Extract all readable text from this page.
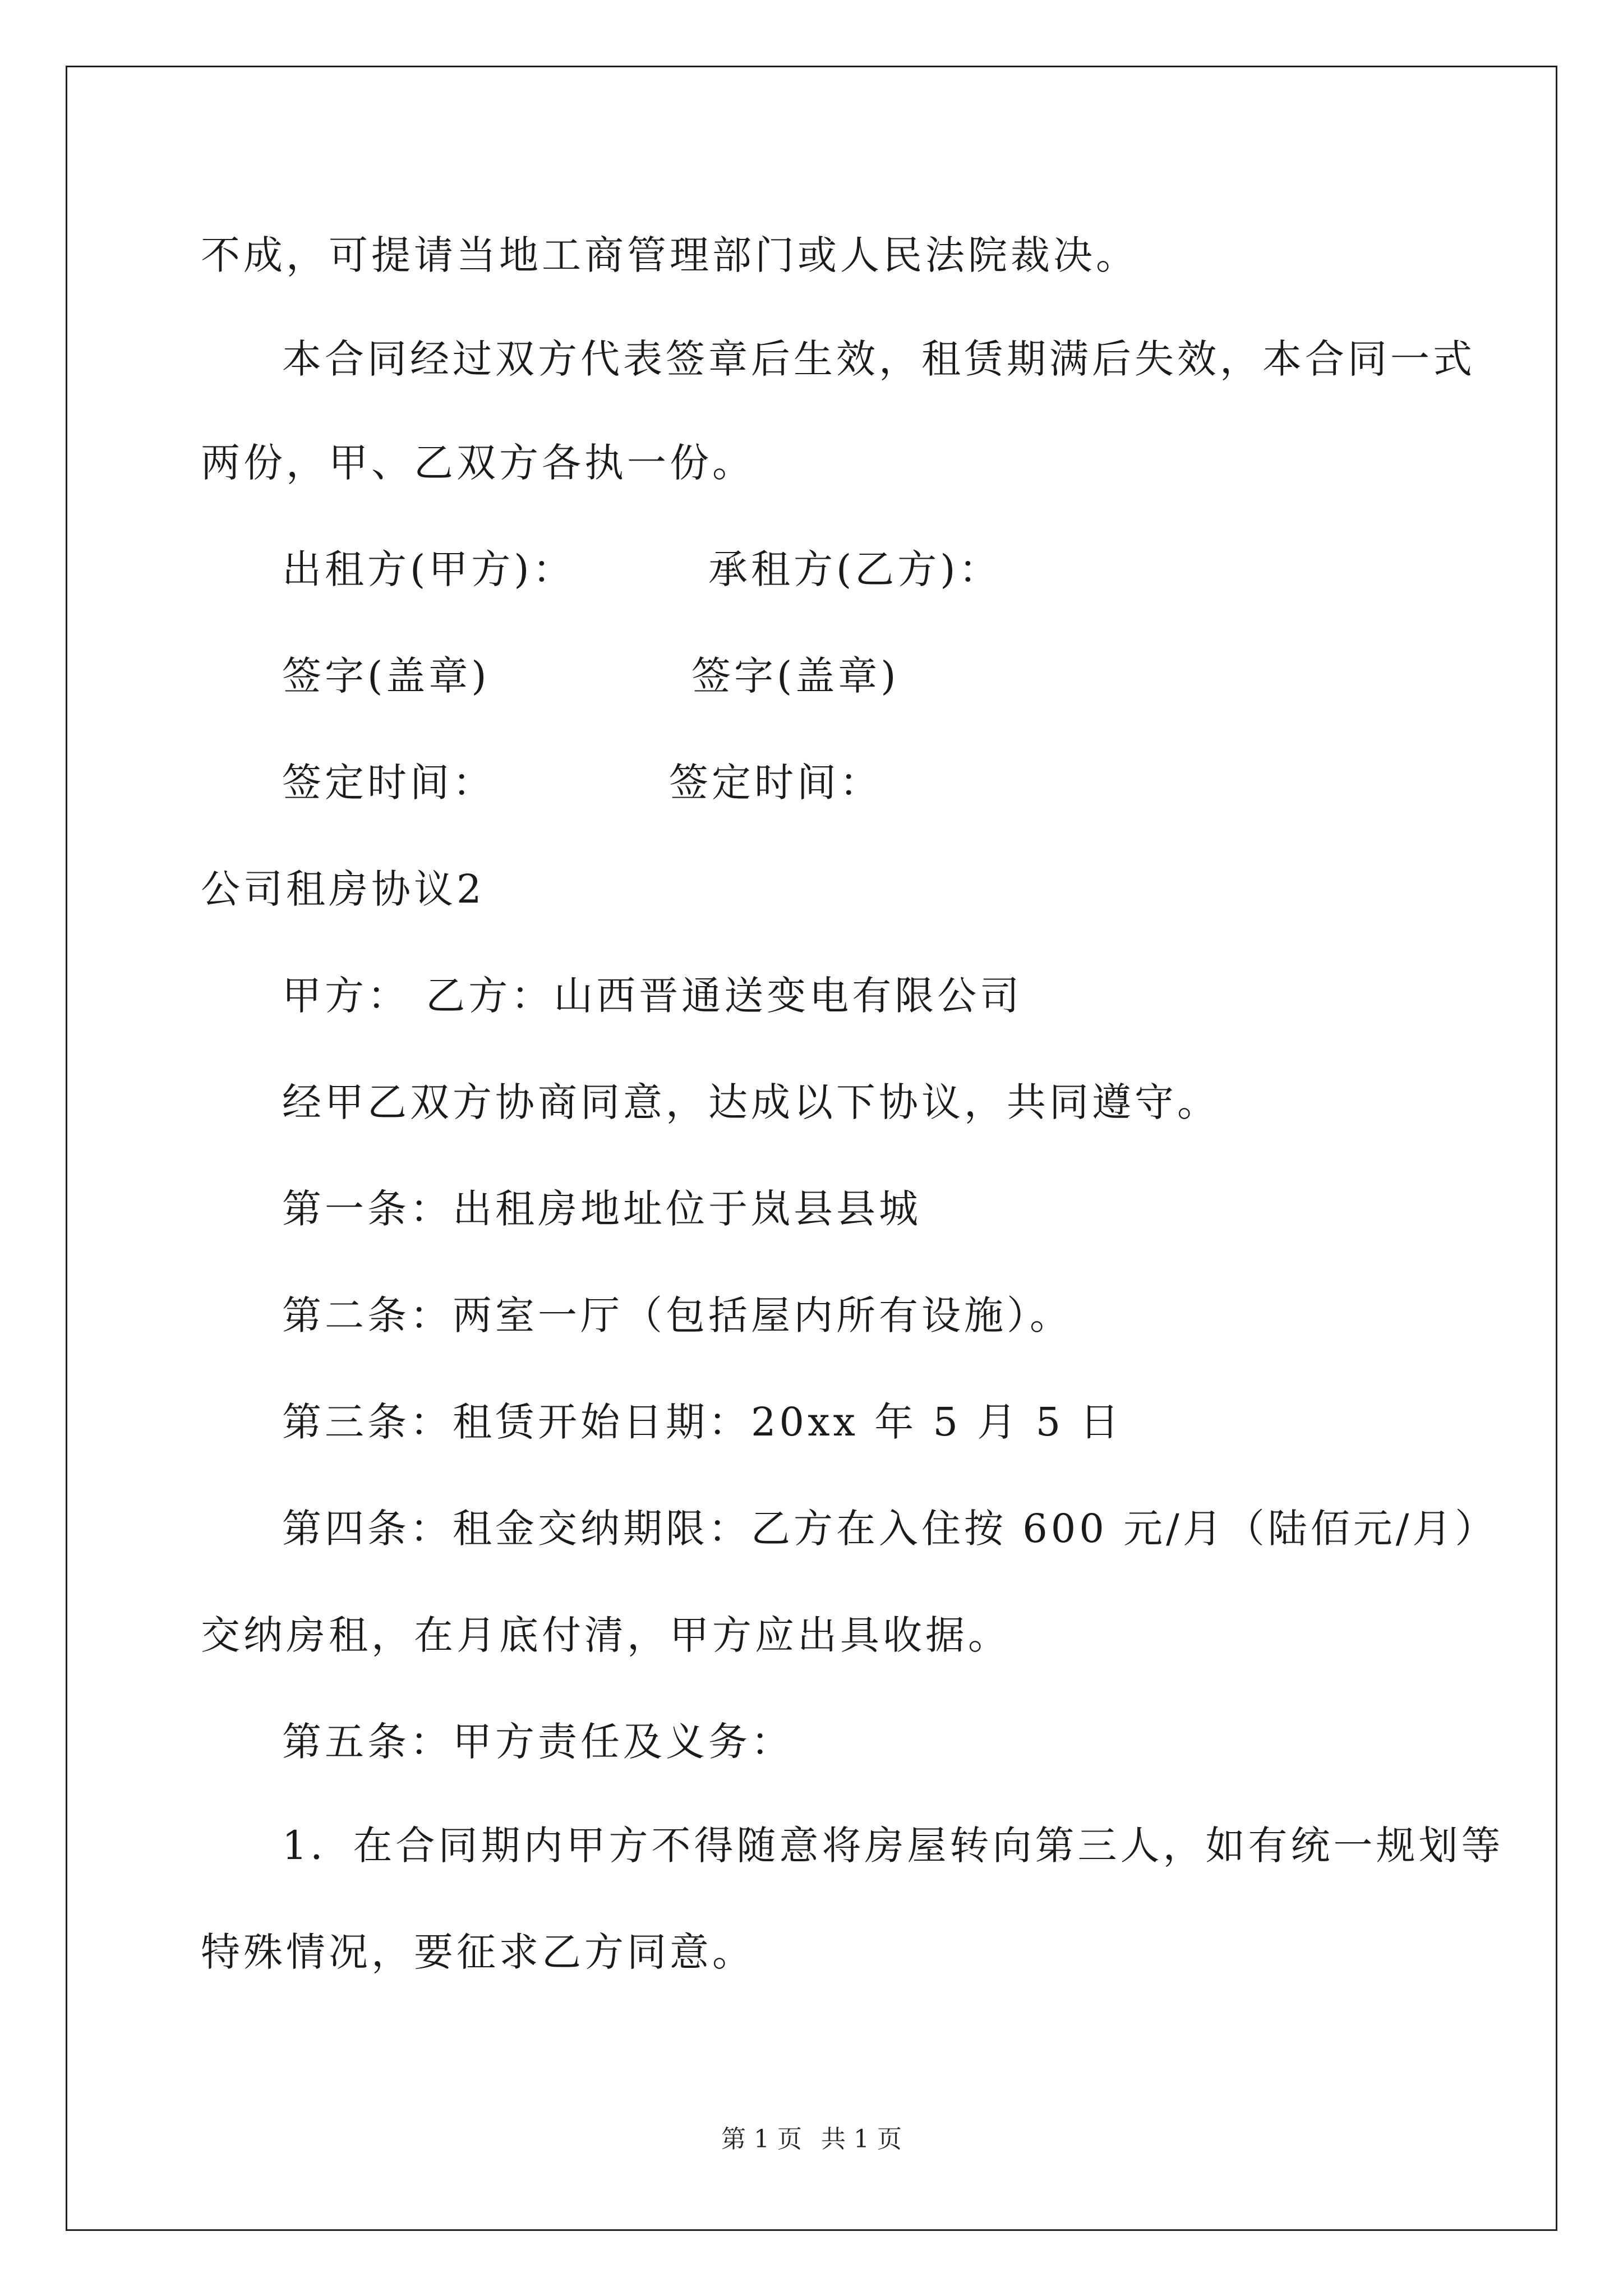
不成，可提请当地工商管理部门或人民法院裁决。
本合同经过双方代表签章后生效，租赁期满后失效，本合同一式
两份，甲、乙双方各执一份。
出租方(甲方)：	承租方(乙方)：
签字(盖章)	签字(盖章)
签定时间：	签定时间：
公司租房协议2
甲方： 乙方：山西晋通送变电有限公司
经甲乙双方协商同意，达成以下协议，共同遵守。
第一条：出租房地址位于岚县县城
第二条：两室一厅（包括屋内所有设施）。
第三条：租赁开始日期：20xx 年 5 月 5 日
第四条：租金交纳期限：乙方在入住按 600 元/月（陆佰元/月）
交纳房租，在月底付清，甲方应出具收据。
第五条：甲方责任及义务：
1．在合同期内甲方不得随意将房屋转向第三人，如有统一规划等
特殊情况，要征求乙方同意。
第 1 页 共 1 页
